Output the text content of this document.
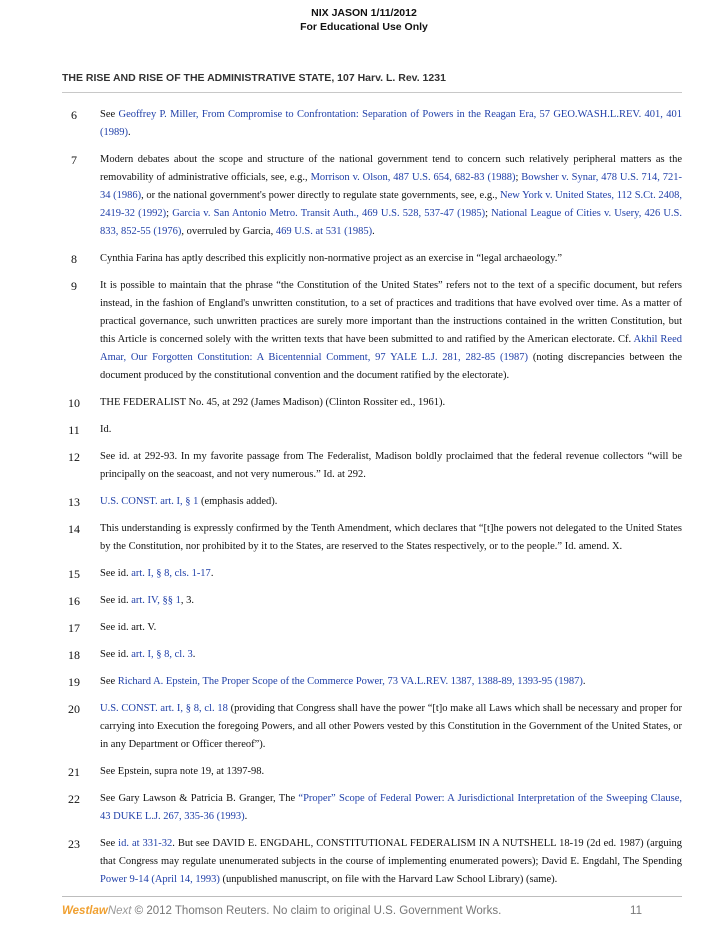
NIX JASON 1/11/2012
For Educational Use Only
THE RISE AND RISE OF THE ADMINISTRATIVE STATE, 107 Harv. L. Rev. 1231
6	See Geoffrey P. Miller, From Compromise to Confrontation: Separation of Powers in the Reagan Era, 57 GEO.WASH.L.REV. 401, 401 (1989).
7	Modern debates about the scope and structure of the national government tend to concern such relatively peripheral matters as the removability of administrative officials, see, e.g., Morrison v. Olson, 487 U.S. 654, 682-83 (1988); Bowsher v. Synar, 478 U.S. 714, 721-34 (1986), or the national government's power directly to regulate state governments, see, e.g., New York v. United States, 112 S.Ct. 2408, 2419-32 (1992); Garcia v. San Antonio Metro. Transit Auth., 469 U.S. 528, 537-47 (1985); National League of Cities v. Usery, 426 U.S. 833, 852-55 (1976), overruled by Garcia, 469 U.S. at 531 (1985).
8	Cynthia Farina has aptly described this explicitly non-normative project as an exercise in “legal archaeology.”
9	It is possible to maintain that the phrase “the Constitution of the United States” refers not to the text of a specific document, but refers instead, in the fashion of England's unwritten constitution, to a set of practices and traditions that have evolved over time. As a matter of practical governance, such unwritten practices are surely more important than the instructions contained in the written Constitution, but this Article is concerned solely with the written texts that have been submitted to and ratified by the American electorate. Cf. Akhil Reed Amar, Our Forgotten Constitution: A Bicentennial Comment, 97 YALE L.J. 281, 282-85 (1987) (noting discrepancies between the document produced by the constitutional convention and the document ratified by the electorate).
10	THE FEDERALIST No. 45, at 292 (James Madison) (Clinton Rossiter ed., 1961).
11	Id.
12	See id. at 292-93. In my favorite passage from The Federalist, Madison boldly proclaimed that the federal revenue collectors “will be principally on the seacoast, and not very numerous.” Id. at 292.
13	U.S. CONST. art. I, § 1 (emphasis added).
14	This understanding is expressly confirmed by the Tenth Amendment, which declares that “[t]he powers not delegated to the United States by the Constitution, nor prohibited by it to the States, are reserved to the States respectively, or to the people.” Id. amend. X.
15	See id. art. I, § 8, cls. 1-17.
16	See id. art. IV, §§ 1, 3.
17	See id. art. V.
18	See id. art. I, § 8, cl. 3.
19	See Richard A. Epstein, The Proper Scope of the Commerce Power, 73 VA.L.REV. 1387, 1388-89, 1393-95 (1987).
20	U.S. CONST. art. I, § 8, cl. 18 (providing that Congress shall have the power “[t]o make all Laws which shall be necessary and proper for carrying into Execution the foregoing Powers, and all other Powers vested by this Constitution in the Government of the United States, or in any Department or Officer thereof”).
21	See Epstein, supra note 19, at 1397-98.
22	See Gary Lawson & Patricia B. Granger, The “Proper” Scope of Federal Power: A Jurisdictional Interpretation of the Sweeping Clause, 43 DUKE L.J. 267, 335-36 (1993).
23	See id. at 331-32. But see DAVID E. ENGDAHL, CONSTITUTIONAL FEDERALISM IN A NUTSHELL 18-19 (2d ed. 1987) (arguing that Congress may regulate unenumerated subjects in the course of implementing enumerated powers); David E. Engdahl, The Spending Power 9-14 (April 14, 1993) (unpublished manuscript, on file with the Harvard Law School Library) (same).
WestlawNext © 2012 Thomson Reuters. No claim to original U.S. Government Works.	11
